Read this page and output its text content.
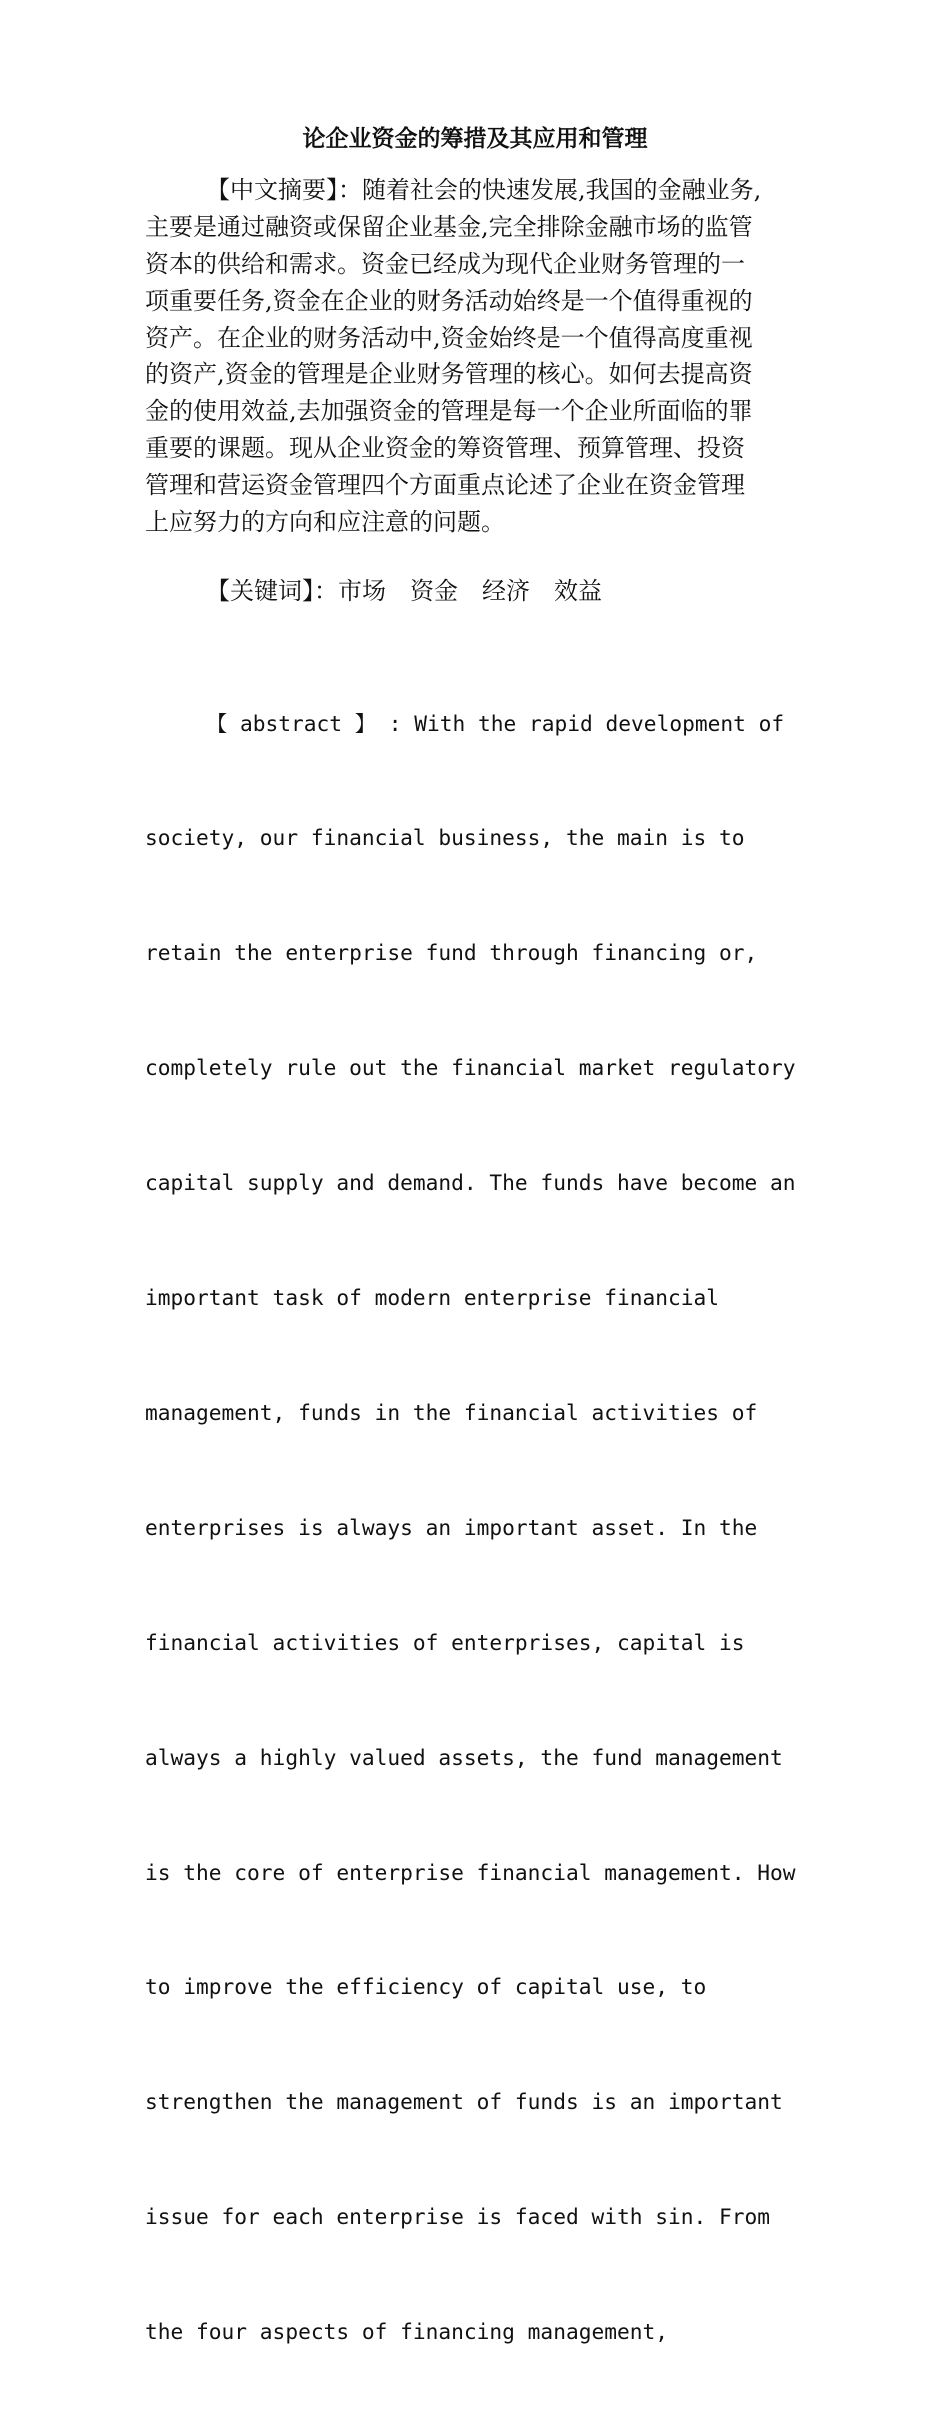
论企业资金的筹措及其应用和管理
【中文摘要】：随着社会的快速发展,我国的金融业务,
主要是通过融资或保留企业基金,完全排除金融市场的监管
资本的供给和需求。资金已经成为现代企业财务管理的一
项重要任务,资金在企业的财务活动始终是一个值得重视的
资产。在企业的财务活动中,资金始终是一个值得高度重视
的资产,资金的管理是企业财务管理的核心。如何去提高资
金的使用效益,去加强资金的管理是每一个企业所面临的罪
重要的课题。现从企业资金的筹资管理、预算管理、投资
管理和营运资金管理四个方面重点论述了企业在资金管理
上应努力的方向和应注意的问题。
【关键词】：市场 资金 经济 效益

【 abstract 】 : With the rapid development of

society, our financial business, the main is to

retain the enterprise fund through financing or,

completely rule out the financial market regulatory

capital supply and demand. The funds have become an

important task of modern enterprise financial

management, funds in the financial activities of

enterprises is always an important asset. In the

financial activities of enterprises, capital is

always a highly valued assets, the fund management

is the core of enterprise financial management. How

to improve the efficiency of capital use, to

strengthen the management of funds is an important

issue for each enterprise is faced with sin. From

the four aspects of financing management,
